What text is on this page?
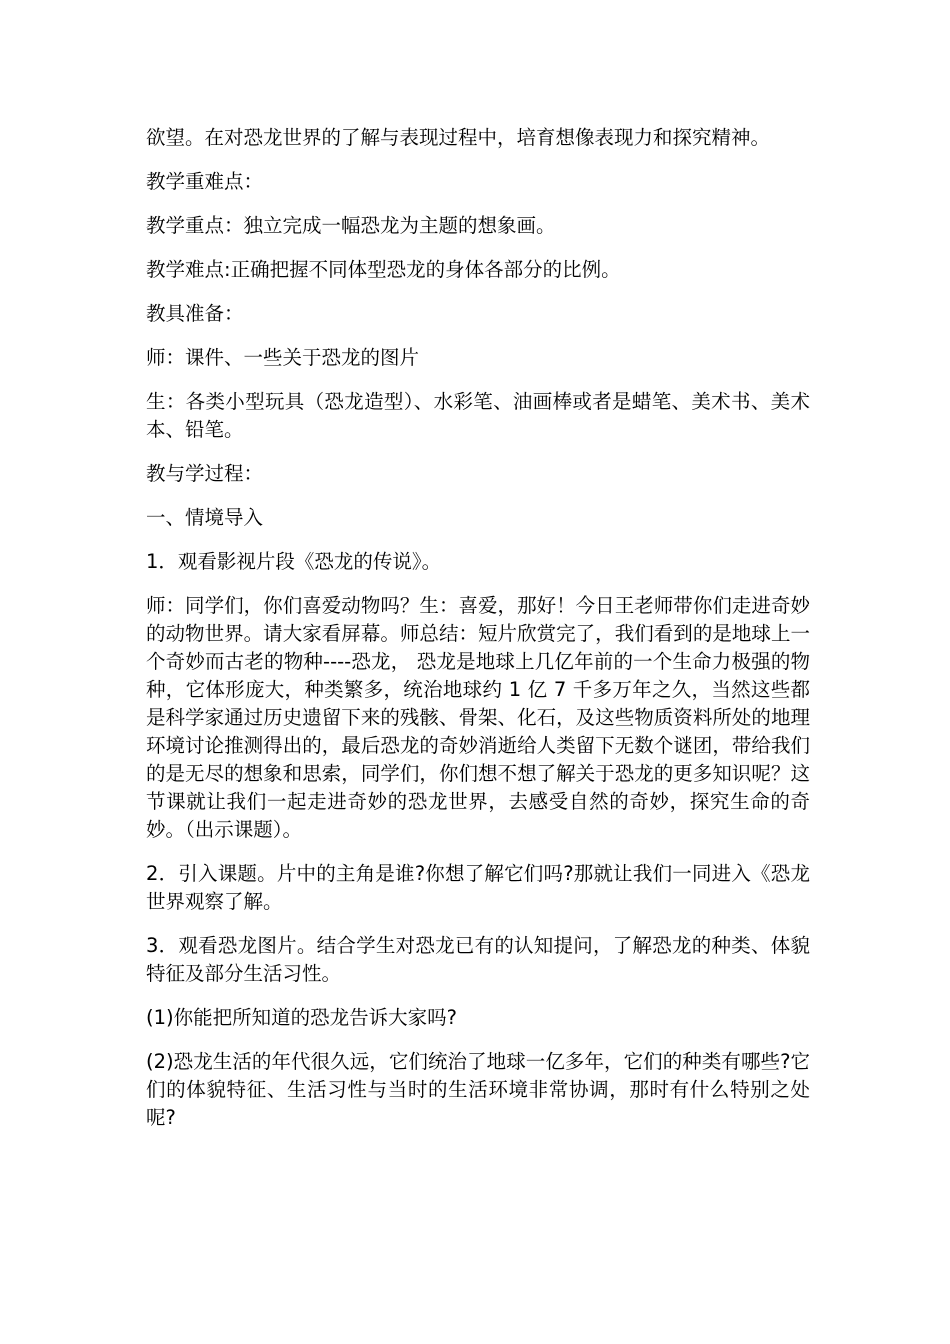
欲望。在对恐龙世界的了解与表现过程中，培育想像表现力和探究精神。

教学重难点：

教学重点：独立完成一幅恐龙为主题的想象画。

教学难点:正确把握不同体型恐龙的身体各部分的比例。

教具准备：

师：课件、一些关于恐龙的图片

生：各类小型玩具（恐龙造型）、水彩笔、油画棒或者是蜡笔、美术书、美术本、铅笔。

教与学过程：

一、情境导入

1．观看影视片段《恐龙的传说》。

师：同学们，你们喜爱动物吗？生：喜爱，那好！今日王老师带你们走进奇妙的动物世界。请大家看屏幕。师总结：短片欣赏完了，我们看到的是地球上一个奇妙而古老的物种----恐龙， 恐龙是地球上几亿年前的一个生命力极强的物种，它体形庞大，种类繁多，统治地球约 1 亿 7 千多万年之久，当然这些都是科学家通过历史遗留下来的残骸、骨架、化石，及这些物质资料所处的地理环境讨论推测得出的，最后恐龙的奇妙消逝给人类留下无数个谜团，带给我们的是无尽的想象和思索，同学们，你们想不想了解关于恐龙的更多知识呢？这节课就让我们一起走进奇妙的恐龙世界，去感受自然的奇妙，探究生命的奇妙。（出示课题）。

2．引入课题。片中的主角是谁?你想了解它们吗?那就让我们一同进入《恐龙世界观察了解。

3．观看恐龙图片。结合学生对恐龙已有的认知提问，了解恐龙的种类、体貌特征及部分生活习性。

(1)你能把所知道的恐龙告诉大家吗?

(2)恐龙生活的年代很久远，它们统治了地球一亿多年，它们的种类有哪些?它们的体貌特征、生活习性与当时的生活环境非常协调，那时有什么特别之处呢?
